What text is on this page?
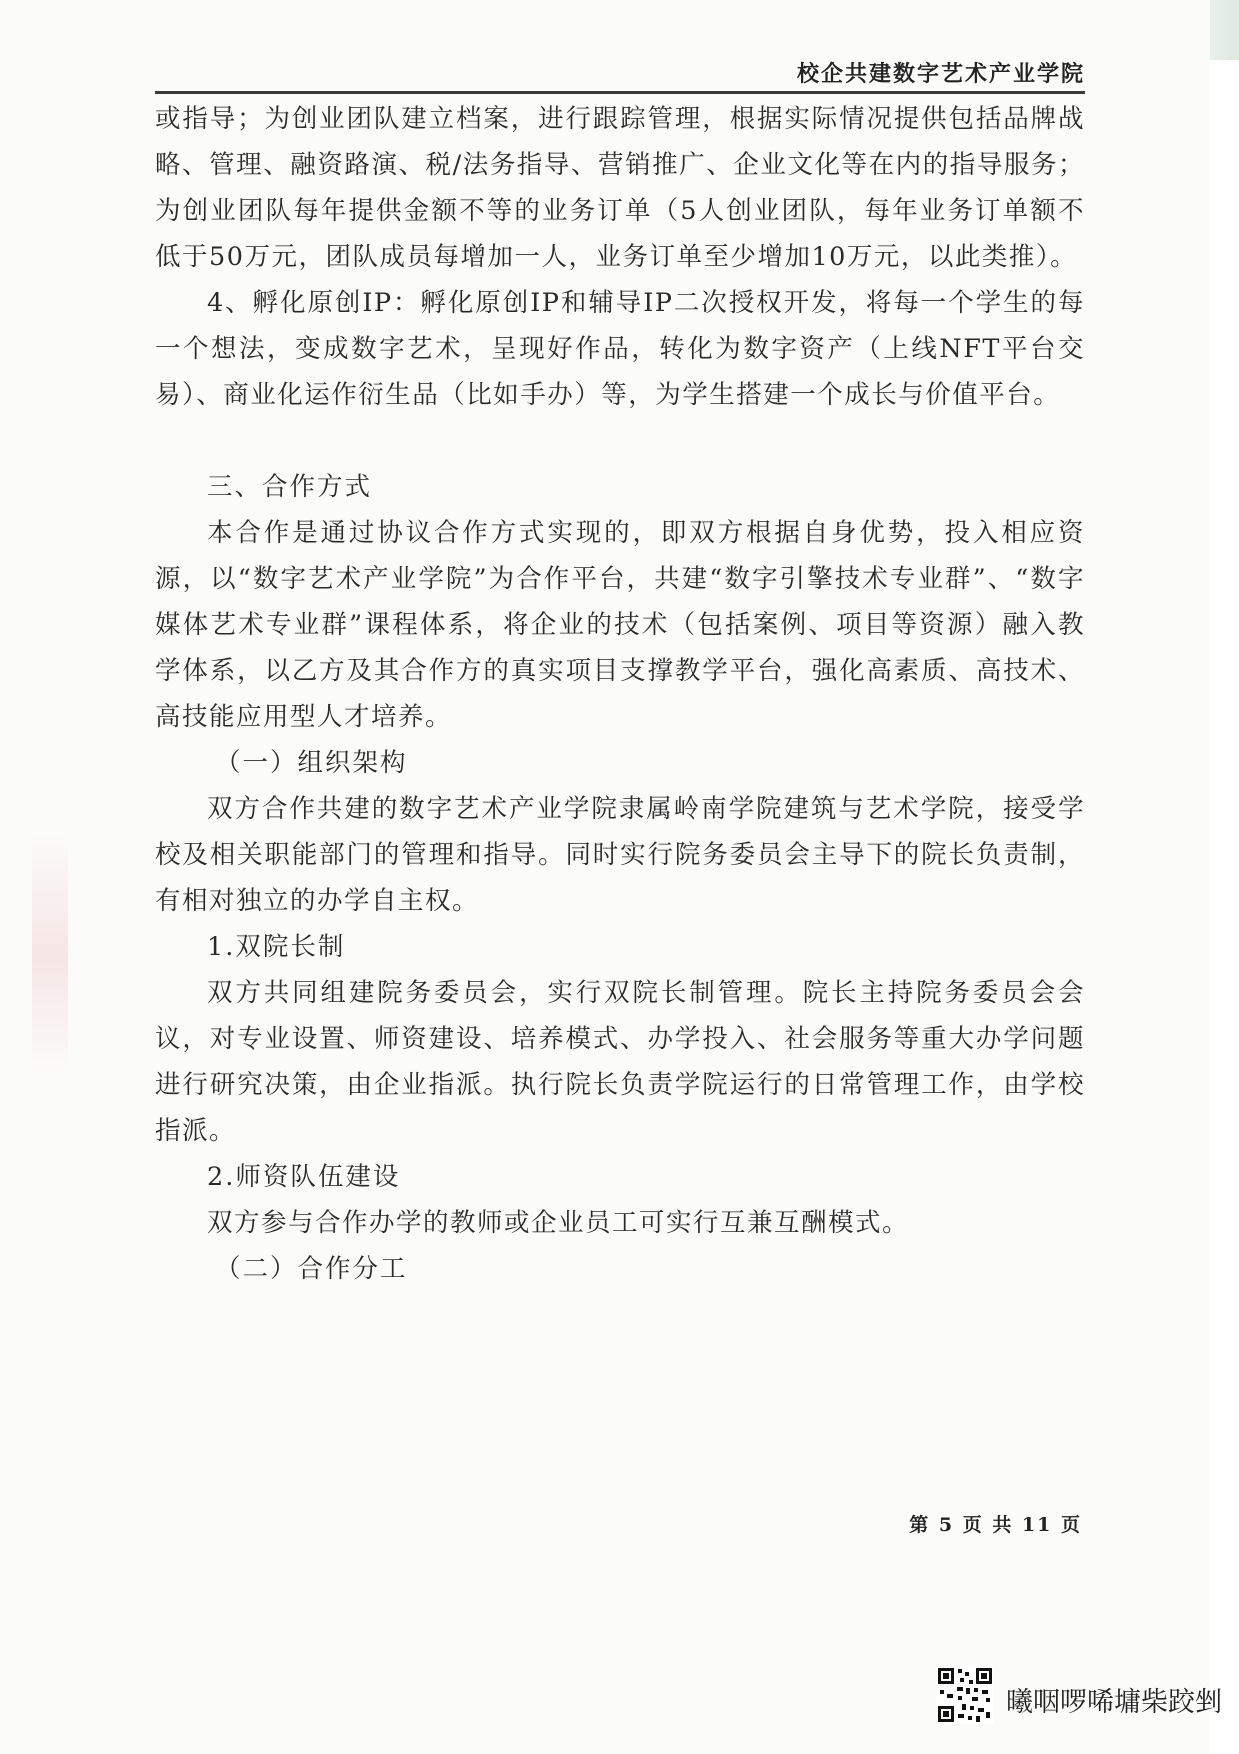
校企共建数字艺术产业学院

或指导；为创业团队建立档案，进行跟踪管理，根据实际情况提供包括品牌战略、管理、融资路演、税/法务指导、营销推广、企业文化等在内的指导服务；为创业团队每年提供金额不等的业务订单（5人创业团队，每年业务订单额不低于50万元，团队成员每增加一人，业务订单至少增加10万元，以此类推）。

4、孵化原创IP：孵化原创IP和辅导IP二次授权开发，将每一个学生的每一个想法，变成数字艺术，呈现好作品，转化为数字资产（上线NFT平台交易）、商业化运作衍生品（比如手办）等，为学生搭建一个成长与价值平台。

三、合作方式

本合作是通过协议合作方式实现的，即双方根据自身优势，投入相应资源，以“数字艺术产业学院”为合作平台，共建“数字引擎技术专业群”、“数字媒体艺术专业群”课程体系，将企业的技术（包括案例、项目等资源）融入教学体系，以乙方及其合作方的真实项目支撑教学平台，强化高素质、高技术、高技能应用型人才培养。

（一）组织架构

双方合作共建的数字艺术产业学院隶属岭南学院建筑与艺术学院，接受学校及相关职能部门的管理和指导。同时实行院务委员会主导下的院长负责制，有相对独立的办学自主权。

1.双院长制

双方共同组建院务委员会，实行双院长制管理。院长主持院务委员会会议，对专业设置、师资建设、培养模式、办学投入、社会服务等重大办学问题进行研究决策，由企业指派。执行院长负责学院运行的日常管理工作，由学校指派。

2.师资队伍建设

双方参与合作办学的教师或企业员工可实行互兼互酬模式。

（二）合作分工

第 5 页 共 11 页
曦咽啰唏墉柴跤剉
